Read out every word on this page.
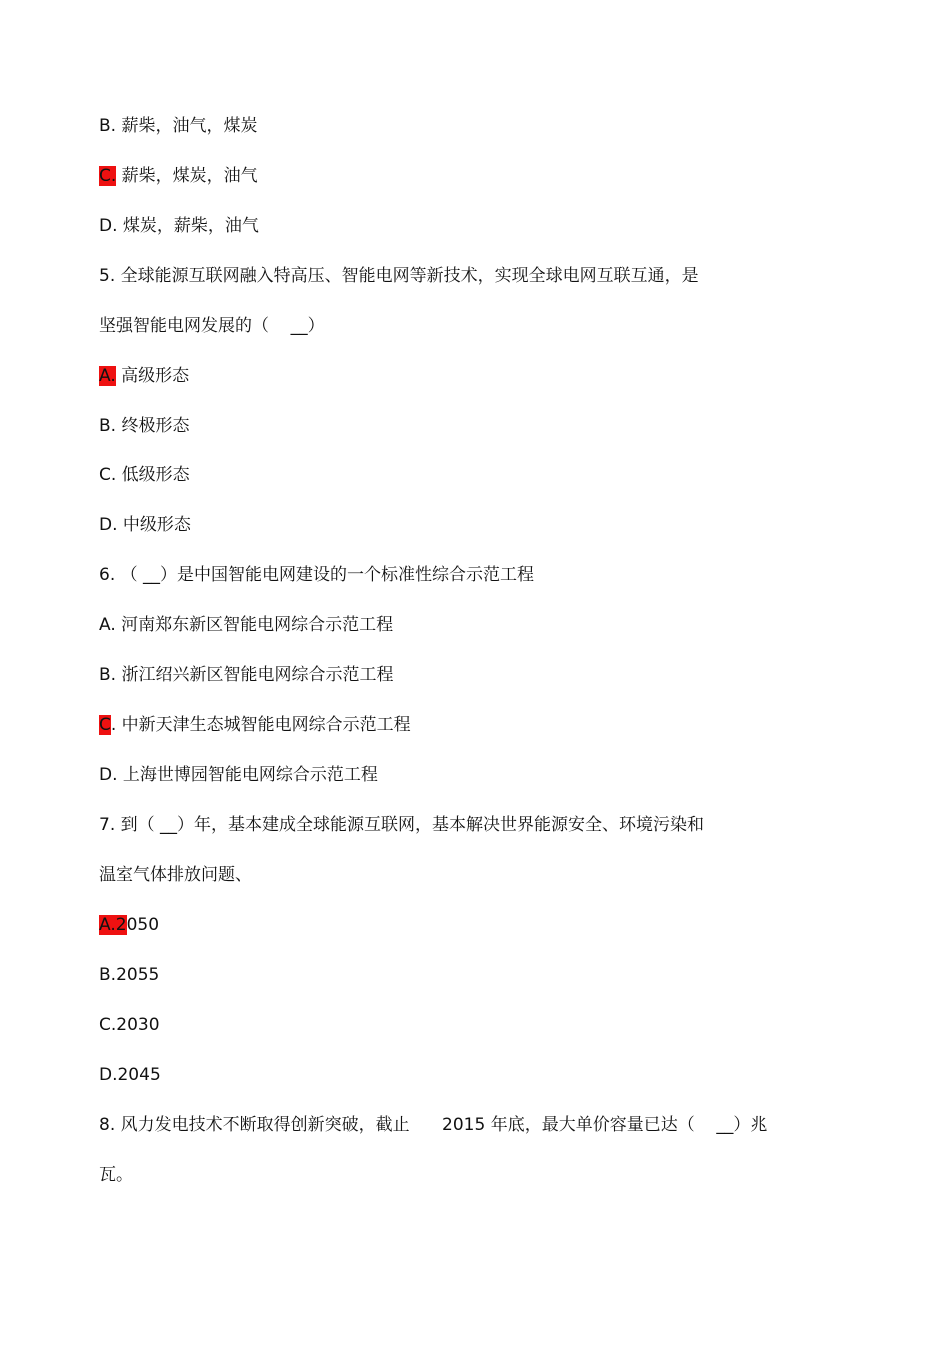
B. 薪柴，油气，煤炭
C. 薪柴，煤炭，油气
D. 煤炭，薪柴，油气
5. 全球能源互联网融入特高压、智能电网等新技术，实现全球电网互联互通，是
坚强智能电网发展的（    __）
A. 高级形态
B. 终极形态
C. 低级形态
D. 中级形态
6. （ __）是中国智能电网建设的一个标准性综合示范工程
A. 河南郑东新区智能电网综合示范工程
B. 浙江绍兴新区智能电网综合示范工程
C. 中新天津生态城智能电网综合示范工程
D. 上海世博园智能电网综合示范工程
7. 到（ __）年，基本建成全球能源互联网，基本解决世界能源安全、环境污染和
温室气体排放问题、
A.2050
B.2055
C.2030
D.2045
8. 风力发电技术不断取得创新突破，截止      2015 年底，最大单价容量已达（    __）兆
瓦。
